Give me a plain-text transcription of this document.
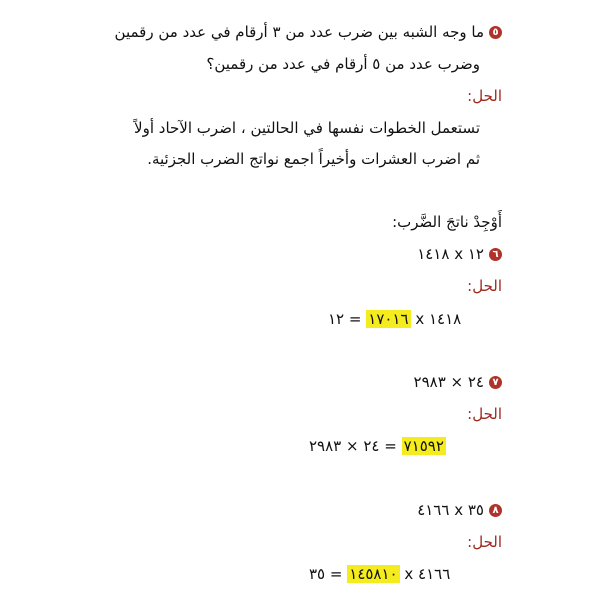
٥ما وجه الشبه بين ضرب عدد من ٣ أرقام في عدد من رقمين
وضرب عدد من ٥ أرقام في عدد من رقمين؟
الحل:
تستعمل الخطوات نفسها في الحالتين ، اضرب الآحاد أولاً
ثم اضرب العشرات وأخيراً اجمع نواتج الضرب الجزئية.
أَوْجِدْ ناتجَ الضَّرب:
٦١٢ x ١٤١٨
الحل:
١٧٠١٦ = ١٢ x ١٤١٨
٧٢٤ × ٢٩٨٣
الحل:
٧١٥٩٢ = ٢٤ × ٢٩٨٣
٨٣٥ x ٤١٦٦
الحل:
١٤٥٨١٠ = ٣٥ x ٤١٦٦
